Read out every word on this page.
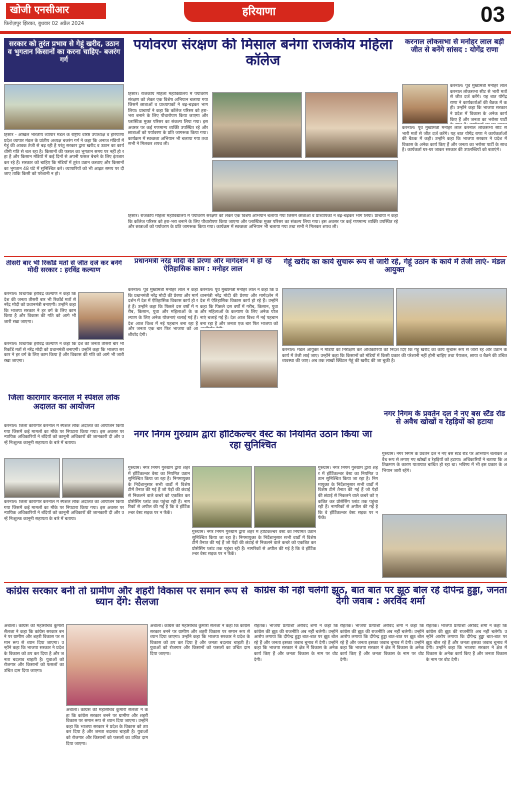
खोजी एनसीआर
फ़िरोज़पुर झिरका, बुधवार 02 अप्रैल 2024
हरियाणा	03
सरकार को तुरंत प्रभाव से गेहूं खरीद, उठान व भुगतान किसानों का करना चाहिए- बजरंग गर्ग
हिसार - अखिल भारतीय व्यापार मंडल के राष्ट्रीय वरिष्ठ उपाध्यक्ष व हरियाणा प्रदेश व्यापार मंडल के प्रांतीय अध्यक्ष बजरंग गर्ग ने कहा कि अनाज मंडियों में गेहूं की आवक तेजी से बढ़ रही है परंतु सरकार द्वारा खरीद व उठान का कार्य धीमी गति से चल रहा है। किसानों की फसल का भुगतान समय पर नहीं हो रहा है और किसान मंडियों में कई दिनों से अपनी फसल बेचने के लिए इंतजार कर रहे हैं। सरकार को चाहिए कि मंडियों में तुरंत उठान करवाए और किसानों का भुगतान 48 घंटे में सुनिश्चित करे। व्यापारियों को भी आढ़त समय पर दी जाए ताकि किसी को परेशानी न हो।
पर्यावरण संरक्षण की मिसाल बनेगा राजकीय महिला कॉलेज
हिसार। राजकीय महिला महाविद्यालय में पर्यावरण संरक्षण को लेकर एक विशेष अभियान चलाया गया जिसमें छात्राओं व प्राध्यापकों ने बढ़-चढ़कर भाग लिया। प्राचार्या ने कहा कि कॉलेज परिसर को हरा-भरा बनाने के लिए पौधारोपण किया जाएगा और प्लास्टिक मुक्त परिसर का संकल्प लिया गया। इस अवसर पर कई गणमान्य व्यक्ति उपस्थित रहे और छात्राओं को पर्यावरण के प्रति जागरूक किया गया। कार्यक्रम में स्वच्छता अभियान भी चलाया गया तथा सभी ने मिलकर शपथ ली।
हिसार। राजकीय महिला महाविद्यालय में पर्यावरण संरक्षण को लेकर एक विशेष अभियान चलाया गया जिसमें छात्राओं व प्राध्यापकों ने बढ़-चढ़कर भाग लिया। प्राचार्या ने कहा कि कॉलेज परिसर को हरा-भरा बनाने के लिए पौधारोपण किया जाएगा और प्लास्टिक मुक्त परिसर का संकल्प लिया गया। इस अवसर पर कई गणमान्य व्यक्ति उपस्थित रहे और छात्राओं को पर्यावरण के प्रति जागरूक किया गया। कार्यक्रम में स्वच्छता अभियान भी चलाया गया तथा सभी ने मिलकर शपथ ली।
करनाल लोकसभा से मनोहर लाल बड़ी जीत से बनेंगे सांसद : योगेंद्र राणा
करनाल। पूर्व मुख्यमंत्री मनोहर लाल करनाल लोकसभा सीट से भारी मतों से जीत दर्ज करेंगे। यह बात योगेंद्र राणा ने कार्यकर्ताओं की बैठक में कही। उन्होंने कहा कि भाजपा सरकार ने प्रदेश में विकास के अनेक कार्य किए हैं और जनता का भरोसा पार्टी
करनाल। पूर्व मुख्यमंत्री मनोहर लाल करनाल लोकसभा सीट से भारी मतों से जीत दर्ज करेंगे। यह बात योगेंद्र राणा ने कार्यकर्ताओं की बैठक में कही। उन्होंने कहा कि भाजपा सरकार ने प्रदेश में विकास के अनेक कार्य किए हैं और जनता का भरोसा पार्टी के साथ है। कार्यकर्ता घर-घर जाकर सरकार की उपलब्धियों को बताएंगे।
तीसरी बार भी रिकॉर्ड मतों से जीत दर्ज कर बनेंगे मोदी सरकार : हरविंद्र कल्याण
करनाल। विधायक हरविंद्र कल्याण ने कहा कि देश की जनता तीसरी बार भी रिकॉर्ड मतों से नरेंद्र मोदी को प्रधानमंत्री बनाएगी। उन्होंने कहा कि भाजपा सरकार ने हर वर्ग के लिए काम किया है और विकास की गति को आगे भी जारी रखा जाएगा।
करनाल। विधायक हरविंद्र कल्याण ने कहा कि देश की जनता तीसरी बार भी रिकॉर्ड मतों से नरेंद्र मोदी को प्रधानमंत्री बनाएगी। उन्होंने कहा कि भाजपा सरकार ने हर वर्ग के लिए काम किया है और विकास की गति को आगे भी जारी रखा जाएगा।
प्रधानमंत्री नरेंद्र मोदी की प्रेरणा और मार्गदर्शन में हो रहे ऐतिहासिक काम : मनोहर लाल
करनाल। पूर्व मुख्यमंत्री मनोहर लाल ने कहा कि प्रधानमंत्री नरेंद्र मोदी की प्रेरणा और मार्गदर्शन में देश में ऐतिहासिक विकास कार्य हो रहे हैं। उन्होंने कहा कि पिछले दस वर्षों में गरीब, किसान, युवा और महिलाओं के कल्याण के लिए अनेक योजनाएं चलाई गई हैं। देश आज विश्व में नई पहचान बना रहा है और जनता एक बार फिर भाजपा को आशीर्वाद देगी।
करनाल। पूर्व मुख्यमंत्री मनोहर लाल ने कहा कि प्रधानमंत्री नरेंद्र मोदी की प्रेरणा और मार्गदर्शन में देश में ऐतिहासिक विकास कार्य हो रहे हैं। उन्होंने कहा कि पिछले दस वर्षों में गरीब, किसान, युवा और महिलाओं के कल्याण के लिए अनेक योजनाएं चलाई गई हैं। देश आज विश्व में नई पहचान बना रहा है और जनता एक बार फिर भाजपा को
गेहूं खरीद का कार्य सुचारू रूप से जारी रहे, गेहूं उठान के कार्य में तेजी लाएं- मंडल आयुक्त
करनाल। मंडल आयुक्त ने मंडियों का निरीक्षण कर अधिकारियों को निर्देश दिए कि गेहूं खरीद का कार्य सुचारू रूप से जारी रहे और उठान के कार्य में तेजी लाई जाए। उन्होंने कहा कि किसानों को मंडियों में किसी प्रकार की परेशानी नहीं होनी चाहिए तथा पेयजल, छाया व बैठने की उचित व्यवस्था की जाए। अब तक लाखों क्विंटल गेहूं की खरीद की जा चुकी है।
जिला कारागार करनाल में स्पेशल लोक अदालत का आयोजन
करनाल। जिला कारागार करनाल में स्पेशल लोक अदालत का आयोजन किया गया जिसमें कई मामलों का मौके पर निपटारा किया गया। इस अवसर पर न्यायिक अधिकारियों ने बंदियों को कानूनी अधिकारों की जानकारी दी और उन्हें निःशुल्क कानूनी सहायता के बारे में बताया।
करनाल। जिला कारागार करनाल में स्पेशल लोक अदालत का आयोजन किया गया जिसमें कई मामलों का मौके पर निपटारा किया गया। इस अवसर पर न्यायिक अधिकारियों ने बंदियों को कानूनी अधिकारों की जानकारी दी और उन्हें निःशुल्क कानूनी सहायता के बारे में बताया।
नगर निगम गुरुग्राम द्वारा हॉर्टिकल्चर वेस्ट का नियमित उठान किया जा रहा सुनिश्चित
गुरुग्राम। नगर निगम गुरुग्राम द्वारा शहर में हॉर्टिकल्चर वेस्ट का नियमित उठान सुनिश्चित किया जा रहा है। निगमायुक्त के निर्देशानुसार सभी वार्डों में विशेष टीमें तैनात की गई हैं जो पेड़ों की छंटाई से निकलने वाले कचरे को एकत्रित कर प्रोसेसिंग प्लांट तक पहुंचा रही हैं। नागरिकों से अपील की गई है कि वे हॉर्टिकल्चर वेस्ट सड़क पर न फेंकें।
गुरुग्राम। नगर निगम गुरुग्राम द्वारा शहर में हॉर्टिकल्चर वेस्ट का नियमित उठान सुनिश्चित किया जा रहा है। निगमायुक्त के निर्देशानुसार सभी वार्डों में विशेष टीमें तैनात की गई हैं जो पेड़ों की छंटाई से निकलने वाले कचरे को एकत्रित कर प्रोसेसिंग प्लांट तक पहुंचा रही हैं। नागरिकों से अपील की गई है कि वे हॉर्टिकल्चर वेस्ट सड़क पर न फेंकें।
गुरुग्राम। नगर निगम गुरुग्राम द्वारा शहर में हॉर्टिकल्चर वेस्ट का नियमित उठान सुनिश्चित किया जा रहा है। निगमायुक्त के निर्देशानुसार सभी वार्डों में विशेष टीमें तैनात की गई हैं जो पेड़ों की छंटाई से निकलने वाले कचरे को एकत्रित कर प्रोसेसिंग प्लांट तक पहुंचा रही हैं। नागरिकों से अपील की गई है कि वे हॉर्टिकल्चर वेस्ट सड़क पर न फेंकें।
नगर निगम के प्रवर्तन दल ने नए बस स्टैंड रोड से अवैध खोखों व रेहड़ियों को हटाया
गुरुग्राम। नगर निगम के प्रवर्तन दल ने नए बस स्टैंड रोड पर अभियान चलाकर अवैध रूप से लगाए गए खोखों व रेहड़ियों को हटाया। अधिकारियों ने बताया कि अतिक्रमण के कारण यातायात बाधित हो रहा था। भविष्य में भी इस प्रकार के अभियान जारी रहेंगे।
कांग्रेस सरकार बनी तो ग्रामीण और शहरी विकास पर समान रूप से ध्यान देंगे: सैलजा
अंबाला। कांग्रेस की महासचिव कुमारी सैलजा ने कहा कि कांग्रेस सरकार बनने पर ग्रामीण और शहरी विकास पर समान रूप से ध्यान दिया जाएगा। उन्होंने कहा कि भाजपा सरकार ने प्रदेश के विकास को ठप कर दिया है और जनता बदलाव चाहती है। युवाओं को रोजगार और किसानों को फसलों का उचित दाम दिया जाएगा।
अंबाला। कांग्रेस की महासचिव कुमारी सैलजा ने कहा कि कांग्रेस सरकार बनने पर ग्रामीण और शहरी विकास पर समान रूप से ध्यान दिया जाएगा। उन्होंने कहा कि भाजपा सरकार ने प्रदेश के विकास को ठप कर दिया है और जनता बदलाव चाहती है। युवाओं को रोजगार और किसानों को फसलों का उचित दाम दिया जाएगा।
अंबाला। कांग्रेस की महासचिव कुमारी सैलजा ने कहा कि कांग्रेस सरकार बनने पर ग्रामीण और शहरी विकास पर समान रूप से ध्यान दिया जाएगा। उन्होंने कहा कि भाजपा सरकार ने प्रदेश के विकास को ठप कर दिया है और जनता बदलाव चाहती है। युवाओं को रोजगार और किसानों को फसलों का उचित दाम दिया जाएगा।
कांग्रेस की नहीं चलेगी झूठ, बात बात पर झूठ बोल रहे दीपेन्द्र हुड्डा, जनता देगी जवाब : अरविंद शर्मा
रोहतक। भाजपा प्रत्याशी अरविंद शर्मा ने कहा कि कांग्रेस की झूठ की राजनीति अब नहीं चलेगी। उन्होंने आरोप लगाया कि दीपेन्द्र हुड्डा बात-बात पर झूठ बोल रहे हैं और जनता इसका जवाब चुनाव में देगी। उन्होंने कहा कि भाजपा सरकार ने क्षेत्र में विकास के अनेक कार्य किए हैं और जनता विकास के नाम पर वोट देगी।
रोहतक। भाजपा प्रत्याशी अरविंद शर्मा ने कहा कि कांग्रेस की झूठ की राजनीति अब नहीं चलेगी। उन्होंने आरोप लगाया कि दीपेन्द्र हुड्डा बात-बात पर झूठ बोल रहे हैं और जनता इसका जवाब चुनाव में देगी। उन्होंने कहा कि भाजपा सरकार ने क्षेत्र में विकास के अनेक कार्य किए हैं और जनता विकास के नाम पर वोट देगी।
रोहतक। भाजपा प्रत्याशी अरविंद शर्मा ने कहा कि कांग्रेस की झूठ की राजनीति अब नहीं चलेगी। उन्होंने आरोप लगाया कि दीपेन्द्र हुड्डा बात-बात पर झूठ बोल रहे हैं और जनता इसका जवाब चुनाव में देगी। उन्होंने कहा कि भाजपा सरकार ने क्षेत्र में विकास के अनेक कार्य किए हैं और जनता विकास के नाम पर वोट देगी।
